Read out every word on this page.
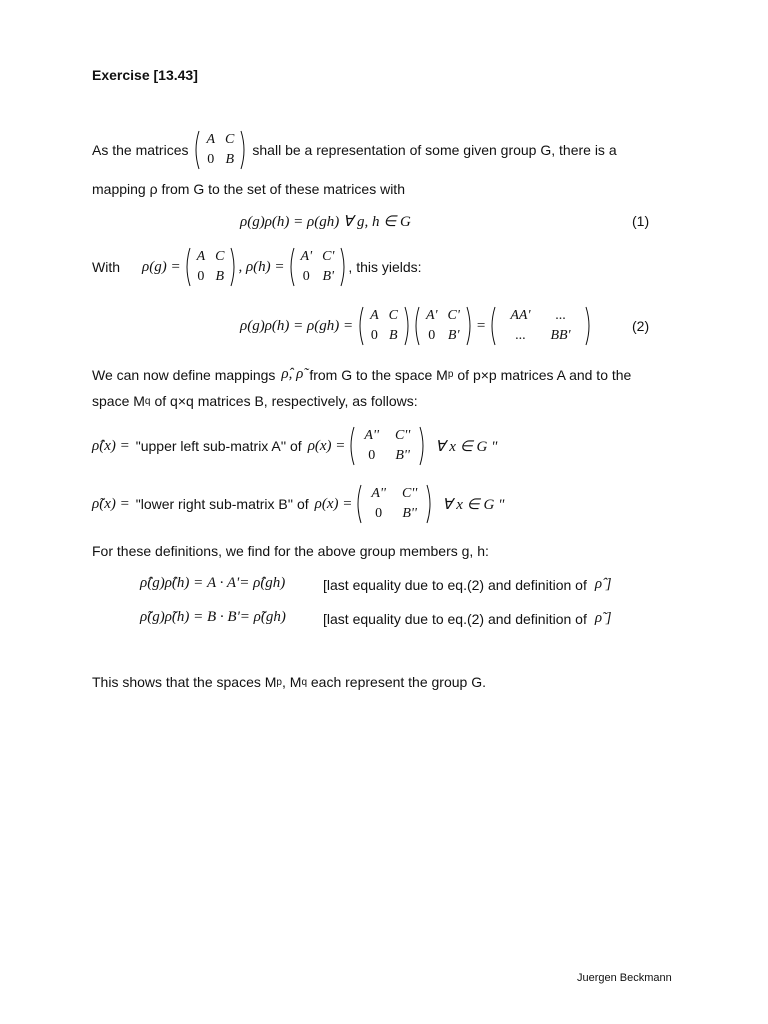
Exercise [13.43]
As the matrices
A	C
0	B
shall be a representation of some given group G, there is a
mapping ρ from G to the set of these matrices with
ρ(g)ρ(h) = ρ(gh) ∀ g, h ∈ G	(1)
With ρ(g) =
A	C
0	B
, ρ(h) =
A'	C'
0	B'
, this yields:
ρ(g)ρ(h) = ρ(gh) =
A	C
0	B
A'	C'
0	B'
=
AA'	...
...	BB'
(2)
We can now define mappings ρ̂, ρ̃ from G to the space M p of p×p matrices A and to the
space M q of q×q matrices B, respectively, as follows:
ρ̂(x) = "upper left sub-matrix A'' of ρ(x) =
A''	C''
0	B''
∀ x ∈ G "
ρ̃(x) = "lower right sub-matrix B'' of ρ(x) =
A''	C''
0	B''
∀ x ∈ G "
For these definitions, we find for the above group members g, h:
ρ̂(g)ρ̂(h) = A · A'= ρ̂(gh)	[last equality due to eq.(2) and definition of ρ̂ ]
ρ̃(g)ρ̃(h) = B · B'= ρ̃(gh)	[last equality due to eq.(2) and definition of ρ̃ ]
This shows that the spaces M p , M q each represent the group G.
Juergen Beckmann
